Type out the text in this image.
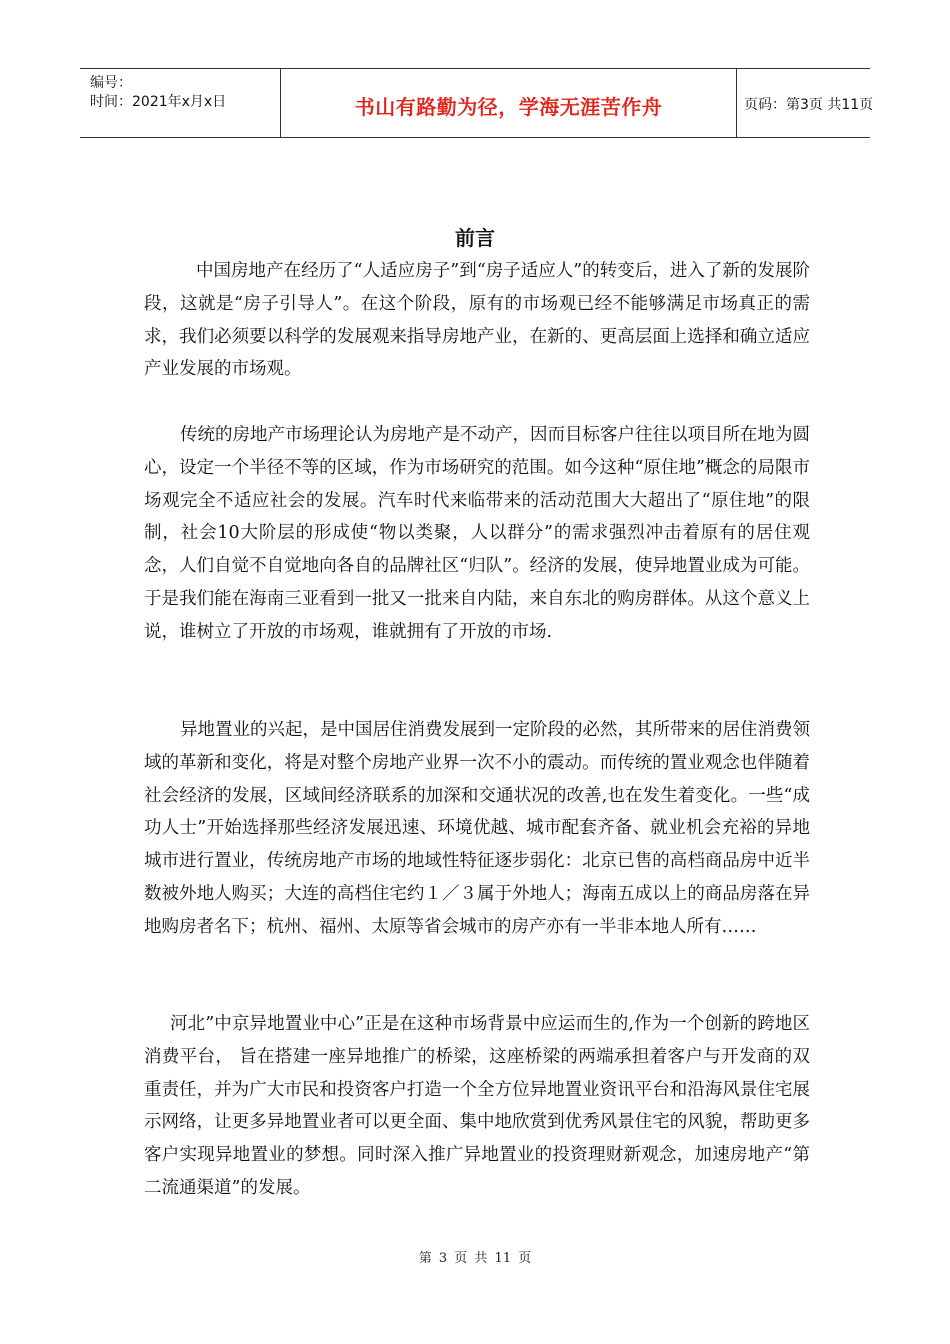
编号：
时间：2021年x月x日	书山有路勤为径，学海无涯苦作舟	页码：第3页 共11页
前言

中国房地产在经历了“人适应房子”到“房子适应人”的转变后，进入了新的发展阶段，这就是“房子引导人”。在这个阶段，原有的市场观已经不能够满足市场真正的需求，我们必须要以科学的发展观来指导房地产业，在新的、更高层面上选择和确立适应产业发展的市场观。

传统的房地产市场理论认为房地产是不动产，因而目标客户往往以项目所在地为圆心，设定一个半径不等的区域，作为市场研究的范围。如今这种“原住地”概念的局限市场观完全不适应社会的发展。汽车时代来临带来的活动范围大大超出了“原住地”的限制，社会10大阶层的形成使“物以类聚，人以群分”的需求强烈冲击着原有的居住观念，人们自觉不自觉地向各自的品牌社区“归队”。经济的发展，使异地置业成为可能。于是我们能在海南三亚看到一批又一批来自内陆，来自东北的购房群体。从这个意义上说，谁树立了开放的市场观，谁就拥有了开放的市场.

异地置业的兴起，是中国居住消费发展到一定阶段的必然，其所带来的居住消费领域的革新和变化，将是对整个房地产业界一次不小的震动。而传统的置业观念也伴随着社会经济的发展，区域间经济联系的加深和交通状况的改善,也在发生着变化。一些“成功人士”开始选择那些经济发展迅速、环境优越、城市配套齐备、就业机会充裕的异地城市进行置业，传统房地产市场的地域性特征逐步弱化：北京已售的高档商品房中近半数被外地人购买；大连的高档住宅约１／３属于外地人；海南五成以上的商品房落在异地购房者名下；杭州、福州、太原等省会城市的房产亦有一半非本地人所有……

河北”中京异地置业中心”正是在这种市场背景中应运而生的,作为一个创新的跨地区消费平台， 旨在搭建一座异地推广的桥梁，这座桥梁的两端承担着客户与开发商的双重责任，并为广大市民和投资客户打造一个全方位异地置业资讯平台和沿海风景住宅展示网络，让更多异地置业者可以更全面、集中地欣赏到优秀风景住宅的风貌，帮助更多客户实现异地置业的梦想。同时深入推广异地置业的投资理财新观念，加速房地产“第二流通渠道”的发展。

第 3 页 共 11 页
